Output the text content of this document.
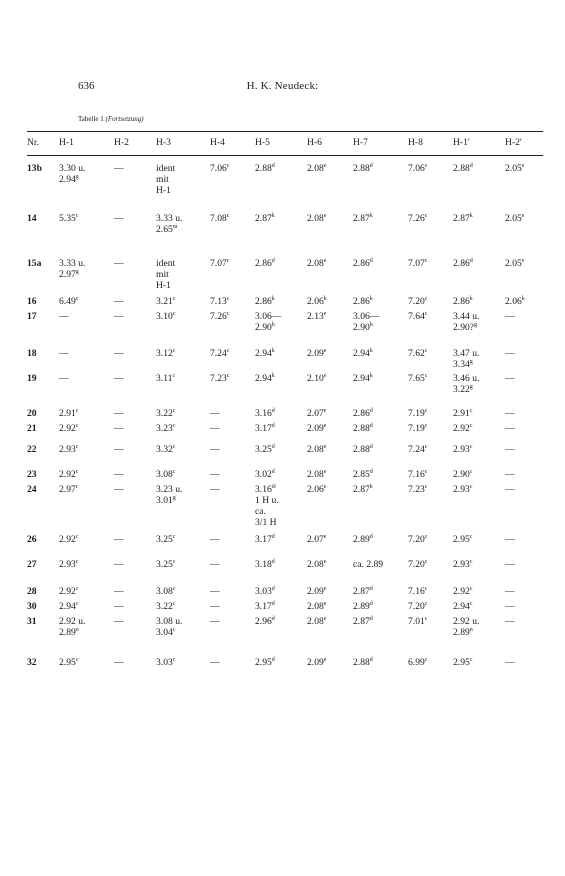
636	H. K. Neudeck:
Tabelle 1 (Fortsetzung)
Nr.	H-1	H-2	H-3	H-4	H-5	H-6	H-7	H-8	H-1′	H-2′
13b	3.30 u.
2.94$^g$	—	ident
mit
H-1	7.06$^c$	2.88$^d$	2.08e	2.88$^d$	7.06$^c$	2.88$^d$	2.05e
14	5.35$^c$	—	3.33 u.
2.65$^m$	7.08$^c$	2.87$^k$	2.08e	2.87$^k$	7.26$^c$	2.87$^k$	2.05e
15a	3.33 u.
2.97$^g$	—	ident
mit
H-1	7.07$^c$	2.86$^d$	2.08e	2.86$^d$	7.07$^c$	2.86$^d$	2.05e
16	6.49$^c$	—	3.21$^c$	7.13$^c$	2.86$^k$	2.06$^k$	2.86$^k$	7.20$^c$	2.86$^k$	2.06$^k$
17	—	—	3.10$^c$	7.26$^c$	3.06—
2.90$^h$	2.13e	3.06—
2.90$^h$	7.64$^c$	3.44 u.
2.90?$^g$	—
18	—	—	3.12$^c$	7.24$^c$	2.94$^k$	2.09e	2.94$^k$	7.62$^c$	3.47 u.
3.34$^g$	—
19	—	—	3.11$^c$	7.23$^c$	2.94$^k$	2.10e	2.94$^k$	7.65$^c$	3.46 u.
3.22$^g$	—
20	2.91$^c$	—	3.22$^c$	—	3.16$^d$	2.07e	2.86$^d$	7.19$^c$	2.91$^c$	—
21	2.92$^c$	—	3.23$^c$	—	3.17$^d$	2.09e	2.88$^d$	7.19$^c$	2.92$^c$	—
22	2.93$^c$	—	3.32$^c$	—	3.25$^d$	2.08e	2.88$^d$	7.24$^c$	2.93$^c$	—
23	2.92$^c$	—	3.08$^c$	—	3.02$^d$	2.08e	2.85$^d$	7.16$^c$	2.90$^c$	—
24	2.97$^c$	—	3.23 u.
3.01$^g$	—	$3.16^{d/}$
1 H u.
ca.
3/1 H	2.06e	2.87$^k$	7.23$^c$	2.93$^c$	—
26	2.92$^c$	—	3.25$^c$	—	3.17$^d$	2.07e	2.89$^d$	7.20$^c$	2.95$^c$	—
27	2.93$^c$	—	3.25$^c$	—	3.18$^d$	2.08e	ca. 2.89	7.20$^c$	2.93$^c$	—
28	2.92$^c$	—	3.08$^c$	—	3.03$^d$	2.09e	2.87$^d$	7.16$^c$	2.92$^c$	—
30	2.94$^c$	—	3.22$^c$	—	3.17$^d$	2.08e	2.89$^d$	7.20$^c$	2.94$^c$	—
31	2.92 u.
2.89$^n$	—	3.08 u.
3.04$^c$	—	2.96$^d$	2.08e	2.87$^d$	7.01$^c$	2.92 u.
2.89$^n$	—
32	2.95$^c$	—	3.03$^c$	—	2.95$^d$	2.09e	2.88$^d$	6.99$^c$	2.95$^c$	—
